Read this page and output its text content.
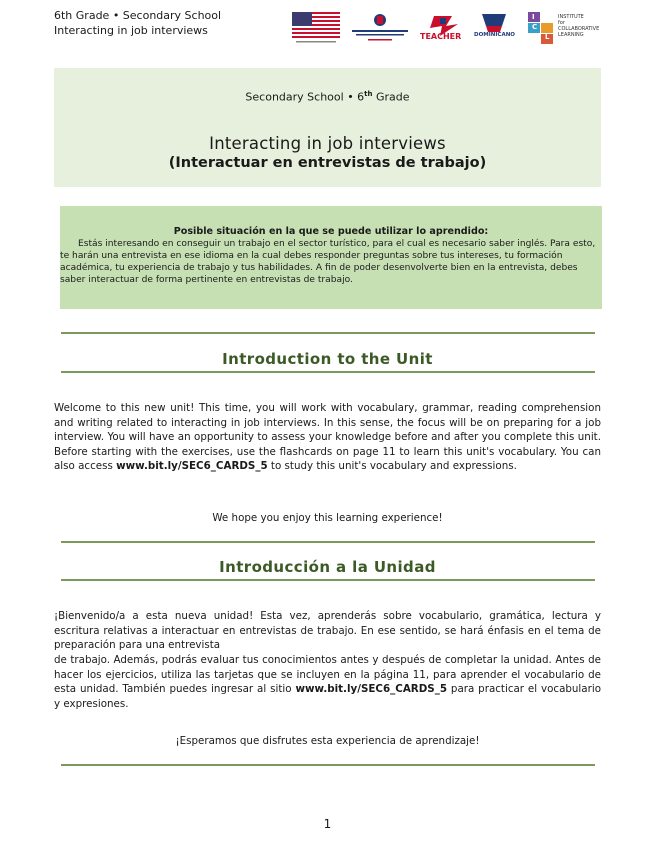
6th Grade • Secondary School
Interacting in job interviews	TEACHER DOMINICANO
I
C
L
INSTITUTE
for
COLLABORATIVE
LEARNING
Secondary School • 6th Grade
Interacting in job interviews
(Interactuar en entrevistas de trabajo)
Posible situación en la que se puede utilizar lo aprendido:

Estás interesando en conseguir un trabajo en el sector turístico, para el cual es necesario saber inglés. Para esto, te harán una entrevista en ese idioma en la cual debes responder preguntas sobre tus intereses, tu formación académica, tu experiencia de trabajo y tus habilidades. A fin de poder desenvolverte bien en la entrevista, debes saber interactuar de forma pertinente en entrevistas de trabajo.

Introduction to the Unit

Welcome to this new unit! This time, you will work with vocabulary, grammar, reading comprehension and writing related to interacting in job interviews. In this sense, the focus will be on preparing for a job interview. You will have an opportunity to assess your knowledge before and after you complete this unit. Before starting with the exercises, use the flashcards on page 11 to learn this unit's vocabulary. You can also access www.bit.ly/SEC6_CARDS_5 to study this unit's vocabulary and expressions.

We hope you enjoy this learning experience!
Introducción a la Unidad

¡Bienvenido/a a esta nueva unidad! Esta vez, aprenderás sobre vocabulario, gramática, lectura y escritura relativas a interactuar en entrevistas de trabajo. En ese sentido, se hará énfasis en el tema de preparación para una entrevista

de trabajo. Además, podrás evaluar tus conocimientos antes y después de completar la unidad. Antes de hacer los ejercicios, utiliza las tarjetas que se incluyen en la página 11, para aprender el vocabulario de esta unidad. También puedes ingresar al sitio www.bit.ly/SEC6_CARDS_5 para practicar el vocabulario y expresiones.

¡Esperamos que disfrutes esta experiencia de aprendizaje!
1
